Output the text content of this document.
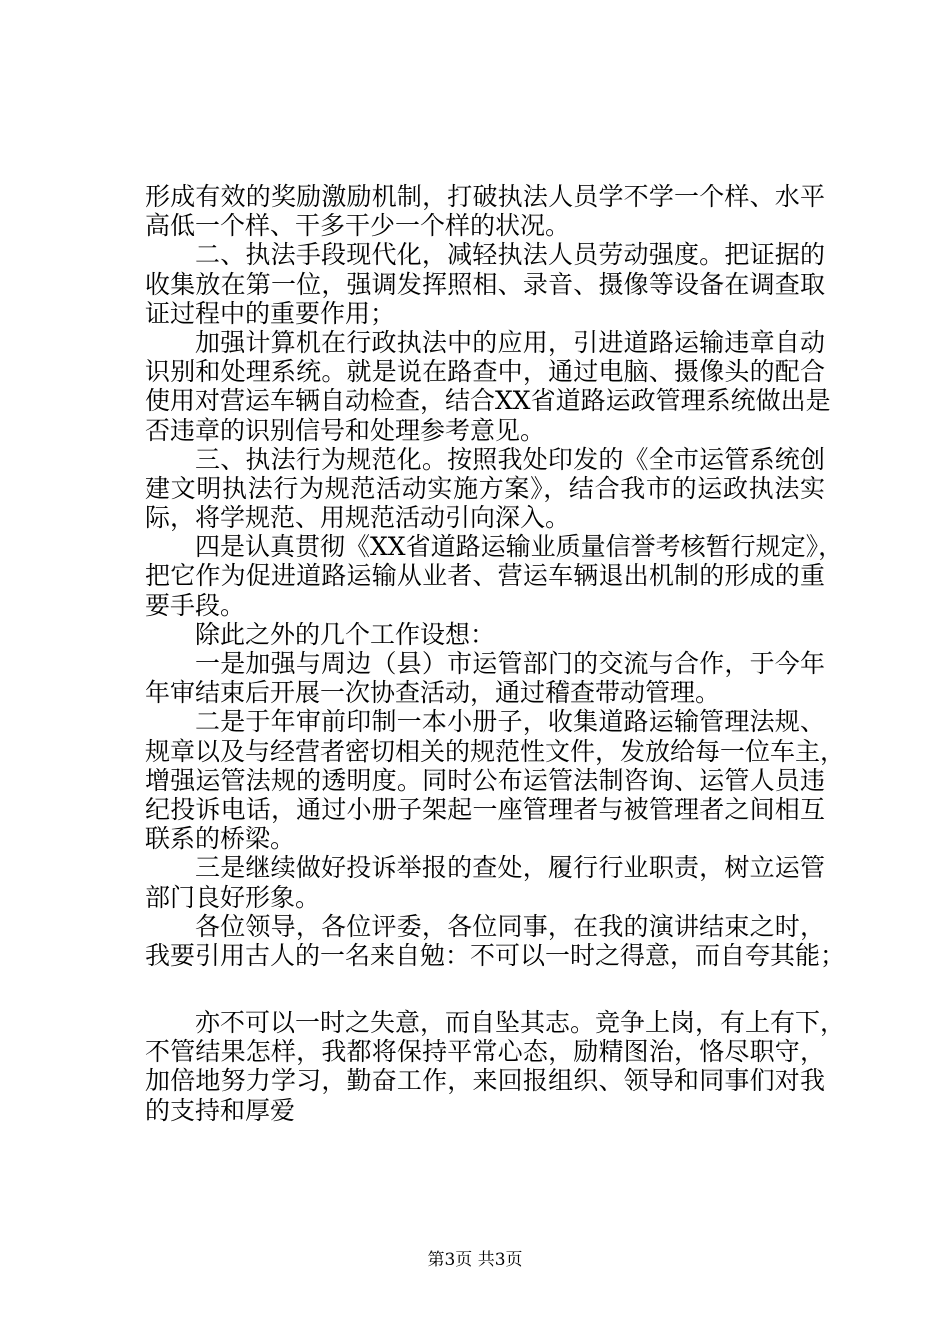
形成有效的奖励激励机制，打破执法人员学不学一个样、水平
高低一个样、干多干少一个样的状况。
二、执法手段现代化，减轻执法人员劳动强度。把证据的
收集放在第一位，强调发挥照相、录音、摄像等设备在调查取
证过程中的重要作用；
加强计算机在行政执法中的应用，引进道路运输违章自动
识别和处理系统。就是说在路查中，通过电脑、摄像头的配合
使用对营运车辆自动检查，结合XX省道路运政管理系统做出是
否违章的识别信号和处理参考意见。
三、执法行为规范化。按照我处印发的《全市运管系统创
建文明执法行为规范活动实施方案》，结合我市的运政执法实
际，将学规范、用规范活动引向深入。
四是认真贯彻《XX省道路运输业质量信誉考核暂行规定》，
把它作为促进道路运输从业者、营运车辆退出机制的形成的重
要手段。
除此之外的几个工作设想：
一是加强与周边（县）市运管部门的交流与合作，于今年
年审结束后开展一次协查活动，通过稽查带动管理。
二是于年审前印制一本小册子，收集道路运输管理法规、
规章以及与经营者密切相关的规范性文件，发放给每一位车主，
增强运管法规的透明度。同时公布运管法制咨询、运管人员违
纪投诉电话，通过小册子架起一座管理者与被管理者之间相互
联系的桥梁。
三是继续做好投诉举报的查处，履行行业职责，树立运管
部门良好形象。
各位领导，各位评委，各位同事，在我的演讲结束之时，
我要引用古人的一名来自勉：不可以一时之得意，而自夸其能；
亦不可以一时之失意，而自坠其志。竞争上岗，有上有下，
不管结果怎样，我都将保持平常心态，励精图治，恪尽职守，
加倍地努力学习，勤奋工作，来回报组织、领导和同事们对我
的支持和厚爱
第3页 共3页
